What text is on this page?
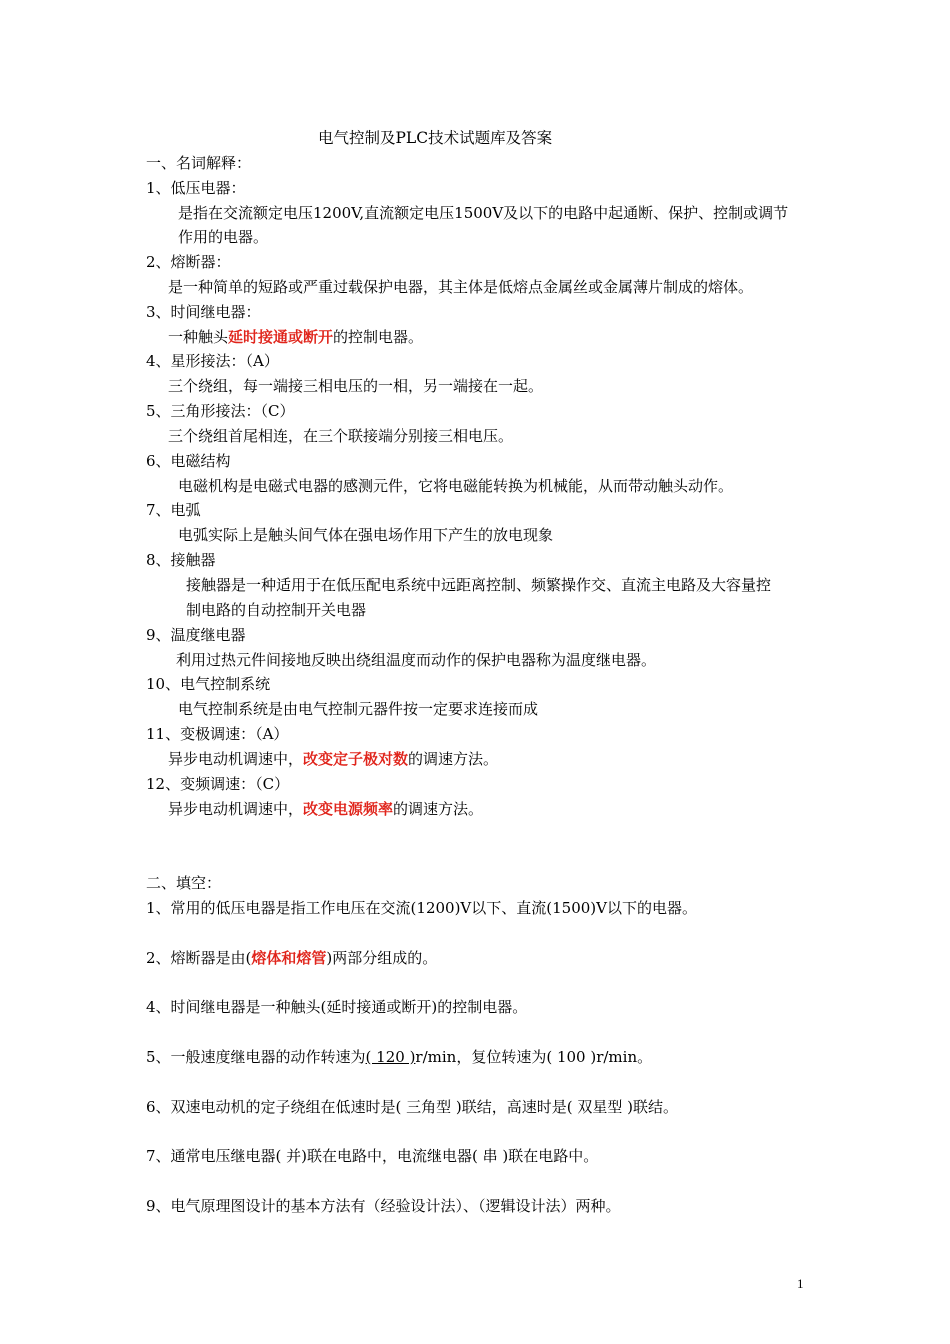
电气控制及PLC技术试题库及答案
一、名词解释：
1、低压电器：
是指在交流额定电压1200V,直流额定电压1500V及以下的电路中起通断、保护、控制或调节
作用的电器。
2、熔断器：
是一种简单的短路或严重过载保护电器，其主体是低熔点金属丝或金属薄片制成的熔体。
3、时间继电器：
一种触头延时接通或断开的控制电器。
4、星形接法：（A）
三个绕组，每一端接三相电压的一相，另一端接在一起。
5、三角形接法：（C）
三个绕组首尾相连，在三个联接端分别接三相电压。
6、电磁结构
电磁机构是电磁式电器的感测元件，它将电磁能转换为机械能，从而带动触头动作。
7、电弧
电弧实际上是触头间气体在强电场作用下产生的放电现象
8、接触器
接触器是一种适用于在低压配电系统中远距离控制、频繁操作交、直流主电路及大容量控
制电路的自动控制开关电器
9、温度继电器
利用过热元件间接地反映出绕组温度而动作的保护电器称为温度继电器。
10、电气控制系统
电气控制系统是由电气控制元器件按一定要求连接而成
11、变极调速：（A）
异步电动机调速中，改变定子极对数的调速方法。
12、变频调速：（C）
异步电动机调速中，改变电源频率的调速方法。
二、填空：
1、常用的低压电器是指工作电压在交流(1200)V以下、直流(1500)V以下的电器。
2、熔断器是由(熔体和熔管)两部分组成的。
4、时间继电器是一种触头(延时接通或断开)的控制电器。
5、一般速度继电器的动作转速为( 120 )r/min，复位转速为( 100 )r/min。
6、双速电动机的定子绕组在低速时是( 三角型 )联结，高速时是( 双星型 )联结。
7、通常电压继电器( 并)联在电路中，电流继电器( 串 )联在电路中。
9、电气原理图设计的基本方法有（经验设计法）、（逻辑设计法）两种。
1
